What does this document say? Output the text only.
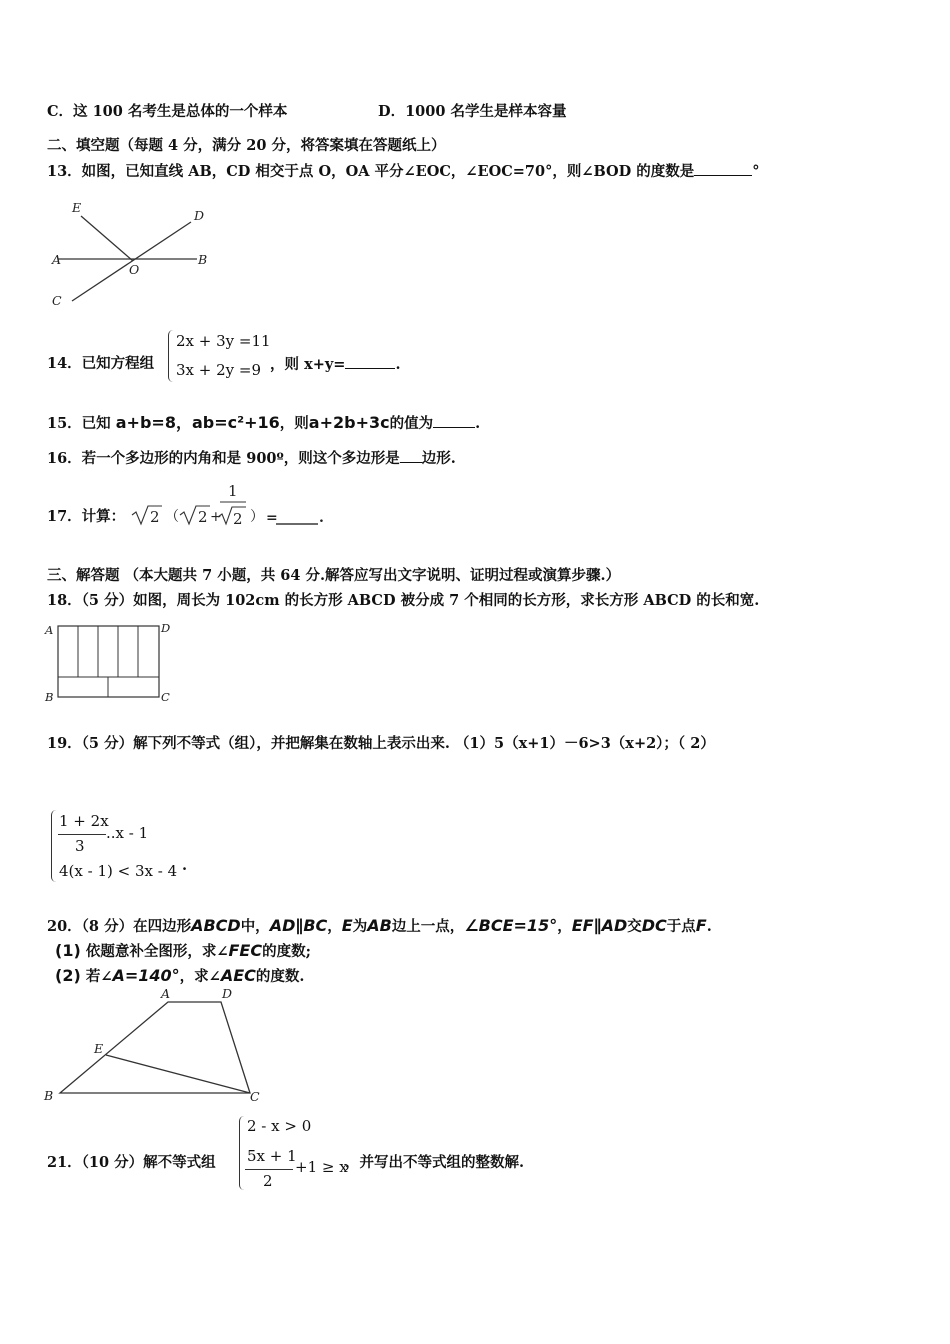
C．这 100 名考生是总体的一个样本	D．1000 名学生是样本容量
二、填空题（每题 4 分，满分 20 分，将答案填在答题纸上）
13．如图，已知直线 AB，CD 相交于点 O，OA 平分∠EOC，∠EOC=70°，则∠BOD 的度数是	°
E
D
A
O
B
C
14．已知方程组
2x + 3y =11
3x + 2y =9 ，则 x+y=	.
15．已知 a+b=8，ab=c²+16，则a+2b+3c的值为	.
16．若一个多边形的内角和是 900º，则这个多边形是 边形.
17．计算： 2 （ 2 +
1
2 ） =	.
三、解答题 （本大题共 7 小题，共 64 分.解答应写出文字说明、证明过程或演算步骤.）
18．（5 分）如图，周长为 102cm 的长方形 ABCD 被分成 7 个相同的长方形，求长方形 ABCD 的长和宽.
A	D
B	C
19．（5 分）解下列不等式（组），并把解集在数轴上表示出来. （1）5（x+1）－6>3（x+2）；（ 2）
1 + 2x
3
..x - 1
4(x - 1) < 3x - 4 .
20．（8 分）在四边形ABCD中，AD∥BC，E为AB边上一点，∠BCE=15°，EF∥AD交DC于点F.
(1) 依题意补全图形，求∠FEC的度数;
(2) 若∠A=140°，求∠AEC的度数.
A	D
E
B	C
21．（10 分）解不等式组
2 - x > 0
5x + 1
2
+1 ≥ x
，并写出不等式组的整数解.
